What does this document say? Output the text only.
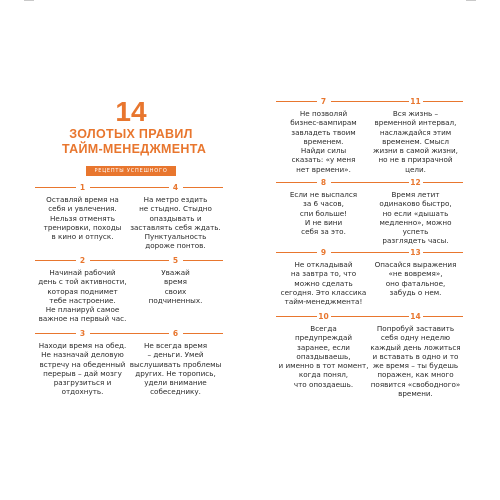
14
ЗОЛОТЫХ ПРАВИЛ
ТАЙМ-МЕНЕДЖМЕНТА
РЕЦЕПТЫ УСПЕШНОГО
1
Оставляй время на
себя и увлечения.
Нельзя отменять
тренировки, походы
в кино и отпуск.
2
Начинай рабочий
день с той активности,
которая поднимет
тебе настроение.
Не планируй самое
важное на первый час.
3
Находи время на обед.
Не назначай деловую
встречу на обеденный
перерыв – дай мозгу
разгрузиться и
отдохнуть.
4
На метро ездить
не стыдно. Стыдно
опаздывать и
заставлять себя ждать.
Пунктуальность
дороже понтов.
5
Уважай
время
своих
подчиненных.
6
Не всегда время
– деньги. Умей
выслушивать проблемы
других. Не торопись,
удели внимание
собеседнику.
7
Не позволяй
бизнес-вампирам
завладеть твоим
временем.
Найди силы
сказать: «у меня
нет времени».
8
Если не выспался
за 6 часов,
спи больше!
И не вини
себя за это.
9
Не откладывай
на завтра то, что
можно сделать
сегодня. Это классика
тайм-менеджмента!
10
Всегда
предупреждай
заранее, если
опаздываешь,
и именно в тот момент,
когда понял,
что опоздаешь.
11
Вся жизнь –
временной интервал,
наслаждайся этим
временем. Смысл
жизни в самой жизни,
но не в призрачной
цели.
12
Время летит
одинаково быстро,
но если «дышать
медленно», можно
успеть
разглядеть часы.
13
Опасайся выражения
«не вовремя»,
оно фатальное,
забудь о нем.
14
Попробуй заставить
себя одну неделю
каждый день ложиться
и вставать в одно и то
же время – ты будешь
поражен, как много
появится «свободного»
времени.
